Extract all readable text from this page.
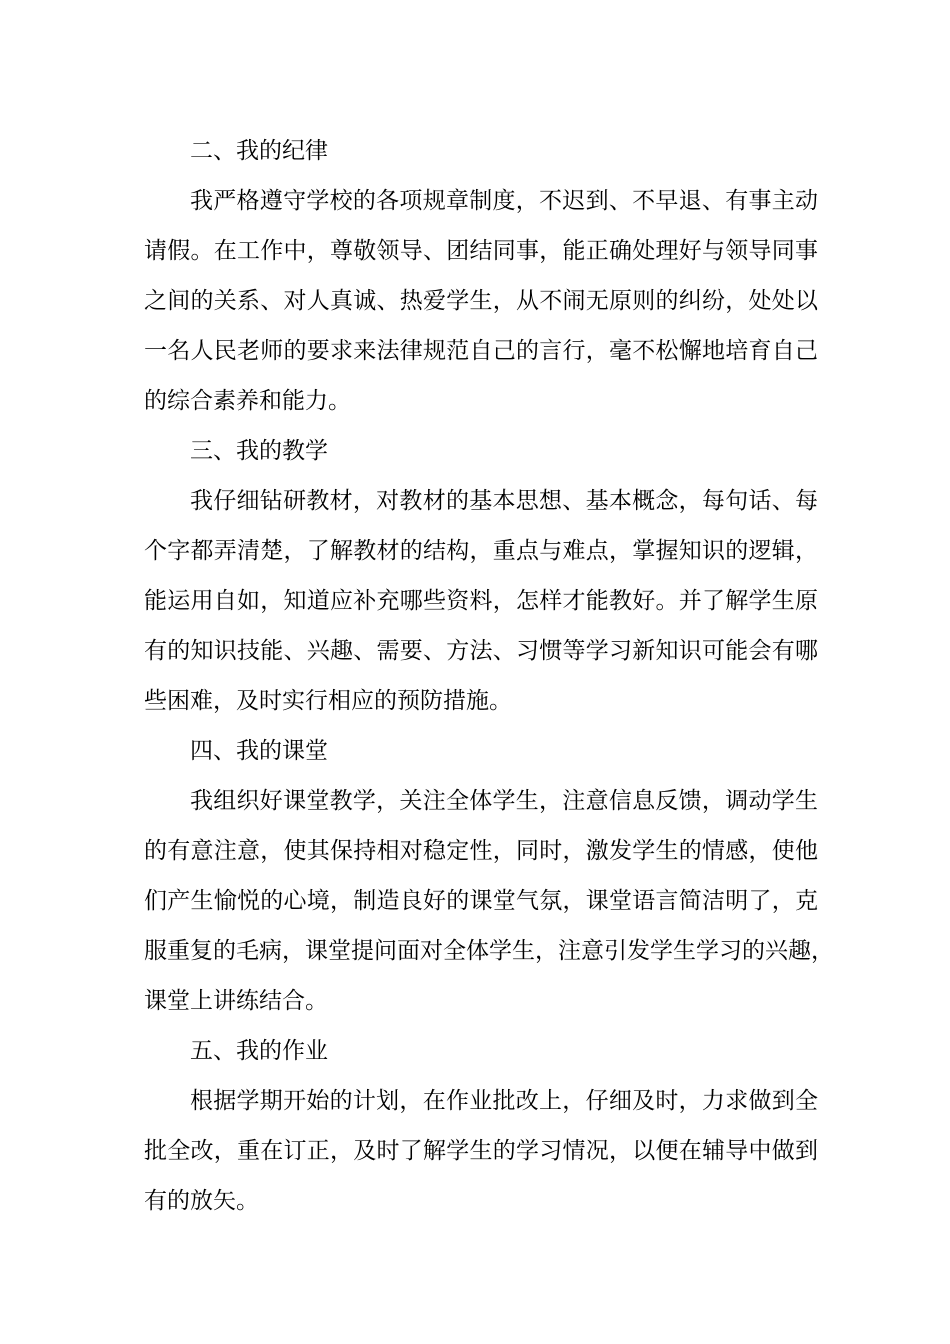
二、我的纪律

我严格遵守学校的各项规章制度，不迟到、不早退、有事主动
请假。在工作中，尊敬领导、团结同事，能正确处理好与领导同事
之间的关系、对人真诚、热爱学生，从不闹无原则的纠纷，处处以
一名人民老师的要求来法律规范自己的言行，毫不松懈地培育自己
的综合素养和能力。

三、我的教学

我仔细钻研教材，对教材的基本思想、基本概念，每句话、每
个字都弄清楚，了解教材的结构，重点与难点，掌握知识的逻辑，
能运用自如，知道应补充哪些资料，怎样才能教好。并了解学生原
有的知识技能、兴趣、需要、方法、习惯等学习新知识可能会有哪
些困难，及时实行相应的预防措施。

四、我的课堂

我组织好课堂教学，关注全体学生，注意信息反馈，调动学生
的有意注意，使其保持相对稳定性，同时，激发学生的情感，使他
们产生愉悦的心境，制造良好的课堂气氛，课堂语言简洁明了，克
服重复的毛病，课堂提问面对全体学生，注意引发学生学习的兴趣，
课堂上讲练结合。

五、我的作业

根据学期开始的计划，在作业批改上，仔细及时，力求做到全
批全改，重在订正，及时了解学生的学习情况，以便在辅导中做到
有的放矢。
